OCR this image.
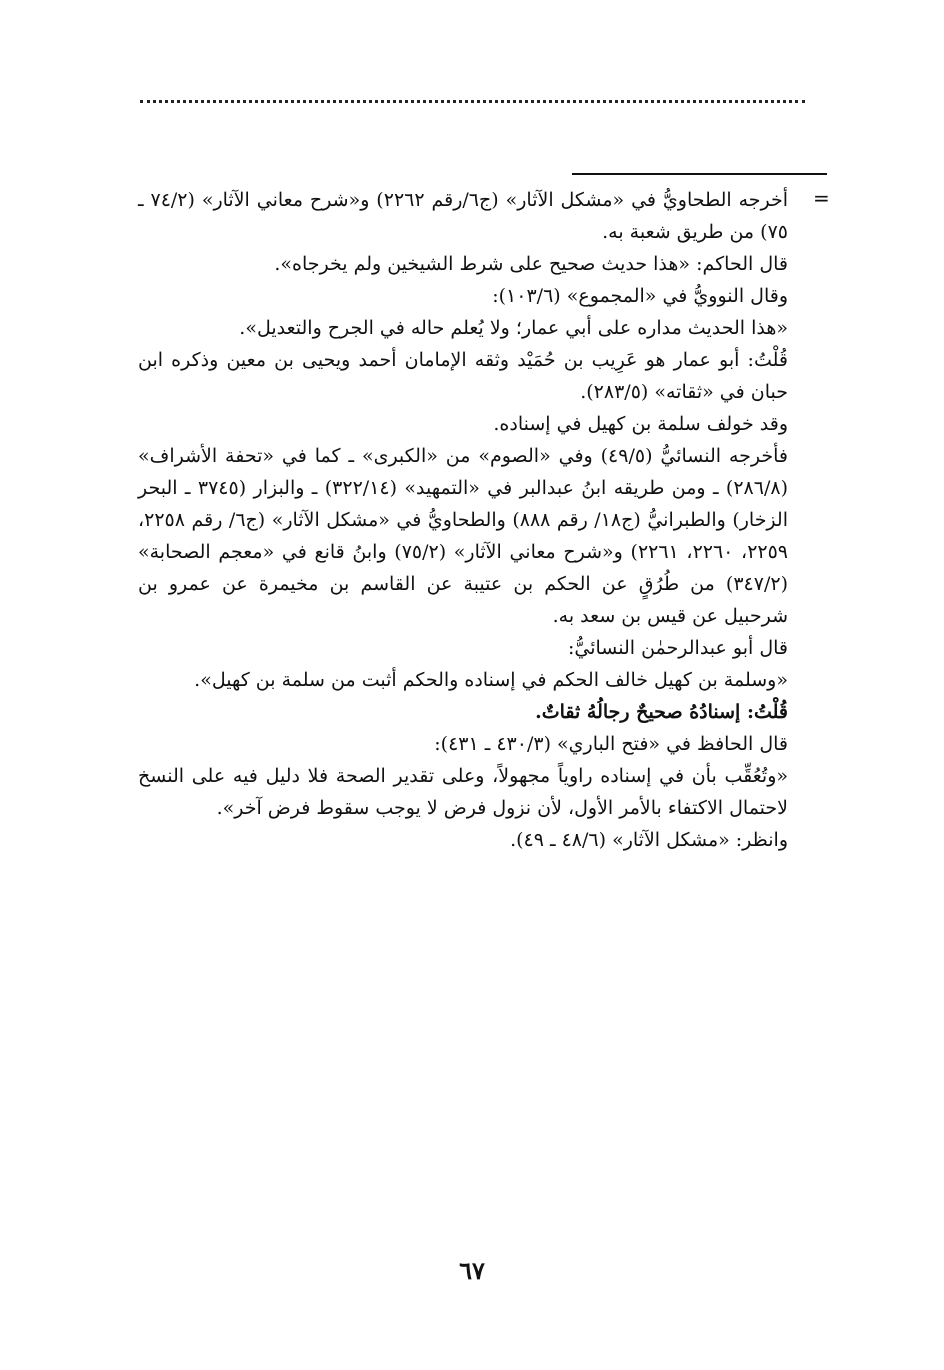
=

أخرجه الطحاويُّ في «مشكل الآثار» (ج٦/رقم ٢٢٦٢) و«شرح معاني الآثار» (٧٤/٢ ـ ٧٥) من طريق شعبة به.

قال الحاكم: «هذا حديث صحيح على شرط الشيخين ولم يخرجاه».

وقال النوويُّ في «المجموع» (١٠٣/٦):

«هذا الحديث مداره على أبي عمار؛ ولا يُعلم حاله في الجرح والتعديل».

قُلْتُ: أبو عمار هو عَرِيب بن حُمَيْد وثقه الإمامان أحمد ويحيى بن معين وذكره ابن حبان في «ثقاته» (٢٨٣/٥).

وقد خولف سلمة بن كهيل في إسناده.

فأخرجه النسائيُّ (٤٩/٥) وفي «الصوم» من «الكبرى» ـ كما في «تحفة الأشراف» (٢٨٦/٨) ـ ومن طريقه ابنُ عبدالبر في «التمهيد» (٣٢٢/١٤) ـ والبزار (٣٧٤٥ ـ البحر الزخار) والطبرانيُّ (ج١٨/ رقم ٨٨٨) والطحاويُّ في «مشكل الآثار» (ج٦/ رقم ٢٢٥٨، ٢٢٥٩، ٢٢٦٠، ٢٢٦١) و«شرح معاني الآثار» (٧٥/٢) وابنُ قانع في «معجم الصحابة» (٣٤٧/٢) من طُرُقٍ عن الحكم بن عتيبة عن القاسم بن مخيمرة عن عمرو بن شرحبيل عن قيس بن سعد به.

قال أبو عبدالرحمٰن النسائيُّ:

«وسلمة بن كهيل خالف الحكم في إسناده والحكم أثبت من سلمة بن كهيل».

قُلْتُ: إسنادُهُ صحيحٌ رجالُهُ ثقاتٌ.

قال الحافظ في «فتح الباري» (٤٣٠/٣ ـ ٤٣١):

«وتُعُقِّب بأن في إسناده راوياً مجهولاً، وعلى تقدير الصحة فلا دليل فيه على النسخ لاحتمال الاكتفاء بالأمر الأول، لأن نزول فرض لا يوجب سقوط فرض آخر».

وانظر: «مشكل الآثار» (٤٨/٦ ـ ٤٩).

٦٧
